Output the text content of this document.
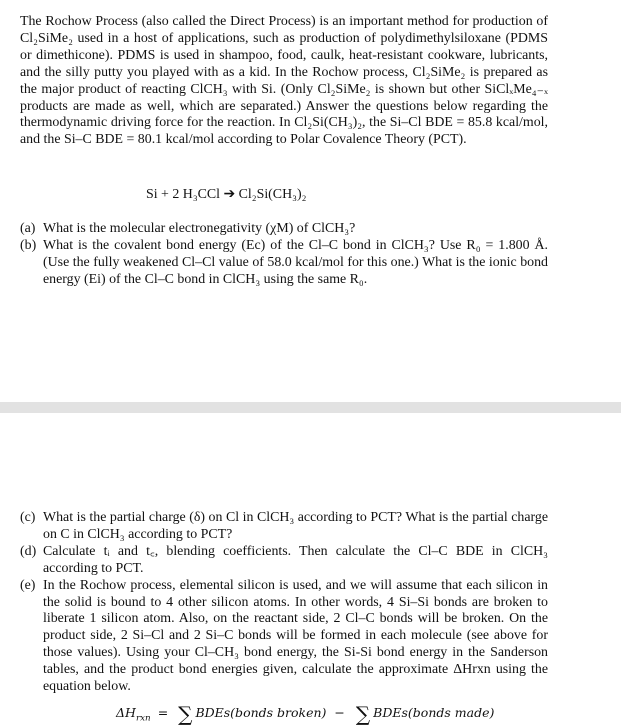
The Rochow Process (also called the Direct Process) is an important method for production of Cl₂SiMe₂ used in a host of applications, such as production of polydimethylsiloxane (PDMS or dimethicone). PDMS is used in shampoo, food, caulk, heat-resistant cookware, lubricants, and the silly putty you played with as a kid. In the Rochow process, Cl₂SiMe₂ is prepared as the major product of reacting ClCH₃ with Si. (Only Cl₂SiMe₂ is shown but other SiClₓMe₄₋ₓ products are made as well, which are separated.) Answer the questions below regarding the thermodynamic driving force for the reaction. In Cl₂Si(CH₃)₂, the Si–Cl BDE = 85.8 kcal/mol, and the Si–C BDE = 80.1 kcal/mol according to Polar Covalence Theory (PCT).

Si + 2 H₃CCl ➔ Cl₂Si(CH₃)₂
(a) What is the molecular electronegativity (χM) of ClCH₃?
(b) What is the covalent bond energy (Ec) of the Cl–C bond in ClCH₃? Use R₀ = 1.800 Å. (Use the fully weakened Cl–Cl value of 58.0 kcal/mol for this one.) What is the ionic bond energy (Ei) of the Cl–C bond in ClCH₃ using the same R₀.
(c) What is the partial charge (δ) on Cl in ClCH₃ according to PCT? What is the partial charge on C in ClCH₃ according to PCT?
(d) Calculate tᵢ and t꜀, blending coefficients. Then calculate the Cl–C BDE in ClCH₃ according to PCT.
(e) In the Rochow process, elemental silicon is used, and we will assume that each silicon in the solid is bound to 4 other silicon atoms. In other words, 4 Si–Si bonds are broken to liberate 1 silicon atom. Also, on the reactant side, 2 Cl–C bonds will be broken. On the product side, 2 Si–Cl and 2 Si–C bonds will be formed in each molecule (see above for those values). Using your Cl–CH₃ bond energy, the Si-Si bond energy in the Sanderson tables, and the product bond energies given, calculate the approximate ΔHrxn using the equation below.
$\Delta H_{rxn}$ = ∑ BDEs(bonds broken) − ∑ BDEs(bonds made)
